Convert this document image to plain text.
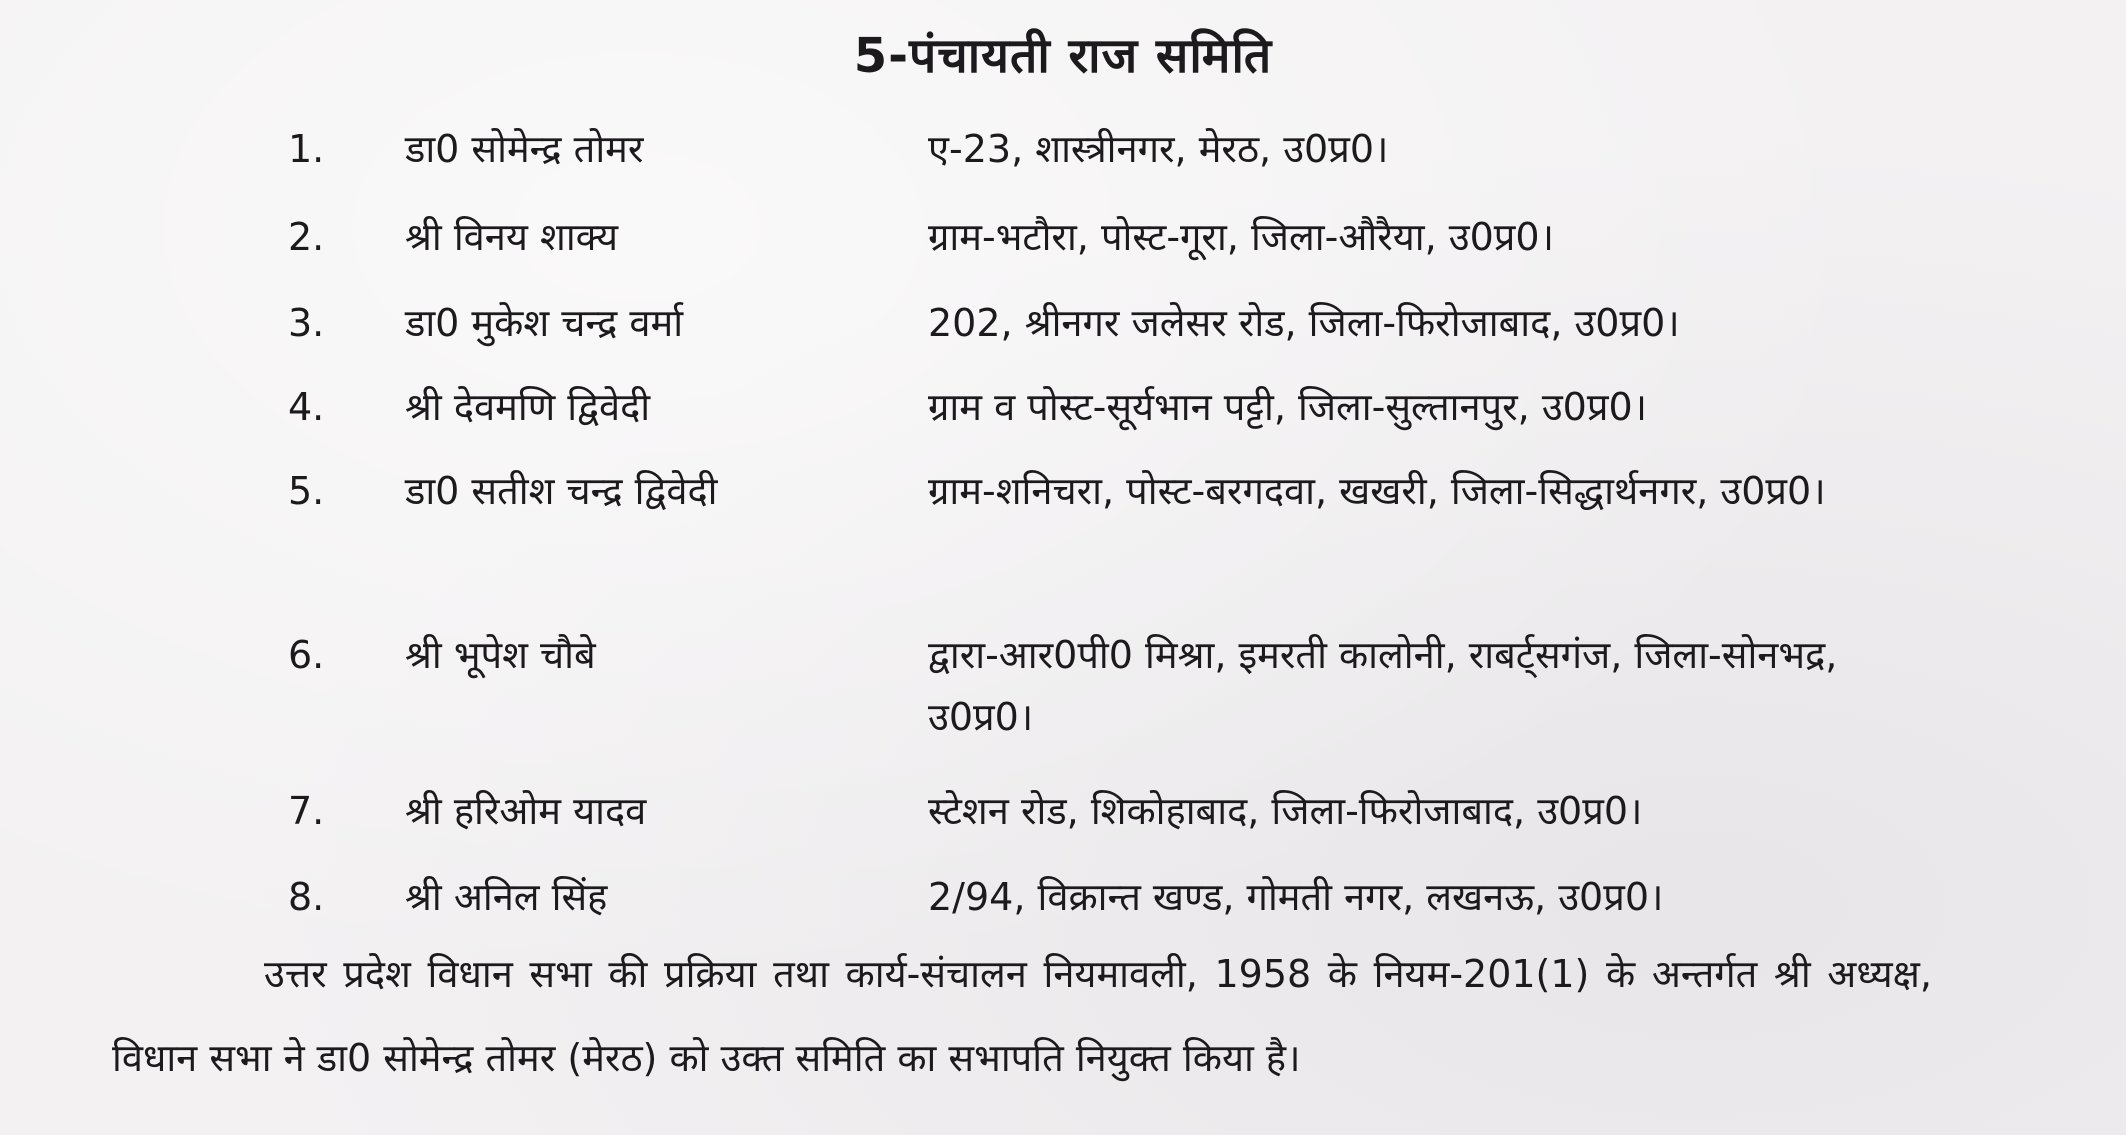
5-पंचायती राज समिति
1.	डा0 सोमेन्द्र तोमर	ए-23, शास्त्रीनगर, मेरठ, उ0प्र0।
2.	श्री विनय शाक्य	ग्राम-भटौरा, पोस्ट-गूरा, जिला-औरैया, उ0प्र0।
3.	डा0 मुकेश चन्द्र वर्मा	202, श्रीनगर जलेसर रोड, जिला-फिरोजाबाद, उ0प्र0।
4.	श्री देवमणि द्विवेदी	ग्राम व पोस्ट-सूर्यभान पट्टी, जिला-सुल्तानपुर, उ0प्र0।
5.	डा0 सतीश चन्द्र द्विवेदी	ग्राम-शनिचरा, पोस्ट-बरगदवा, खखरी, जिला-सिद्धार्थनगर, उ0प्र0।
6.	श्री भूपेश चौबे	द्वारा-आर0पी0 मिश्रा, इमरती कालोनी, राबर्ट्सगंज, जिला-सोनभद्र, उ0प्र0।
7.	श्री हरिओम यादव	स्टेशन रोड, शिकोहाबाद, जिला-फिरोजाबाद, उ0प्र0।
8.	श्री अनिल सिंह	2/94, विक्रान्त खण्ड, गोमती नगर, लखनऊ, उ0प्र0।

उत्तर प्रदेश विधान सभा की प्रक्रिया तथा कार्य-संचालन नियमावली, 1958 के नियम-201(1) के अन्तर्गत श्री अध्यक्ष, विधान सभा ने डा0 सोमेन्द्र तोमर (मेरठ) को उक्त समिति का सभापति नियुक्त किया है।
